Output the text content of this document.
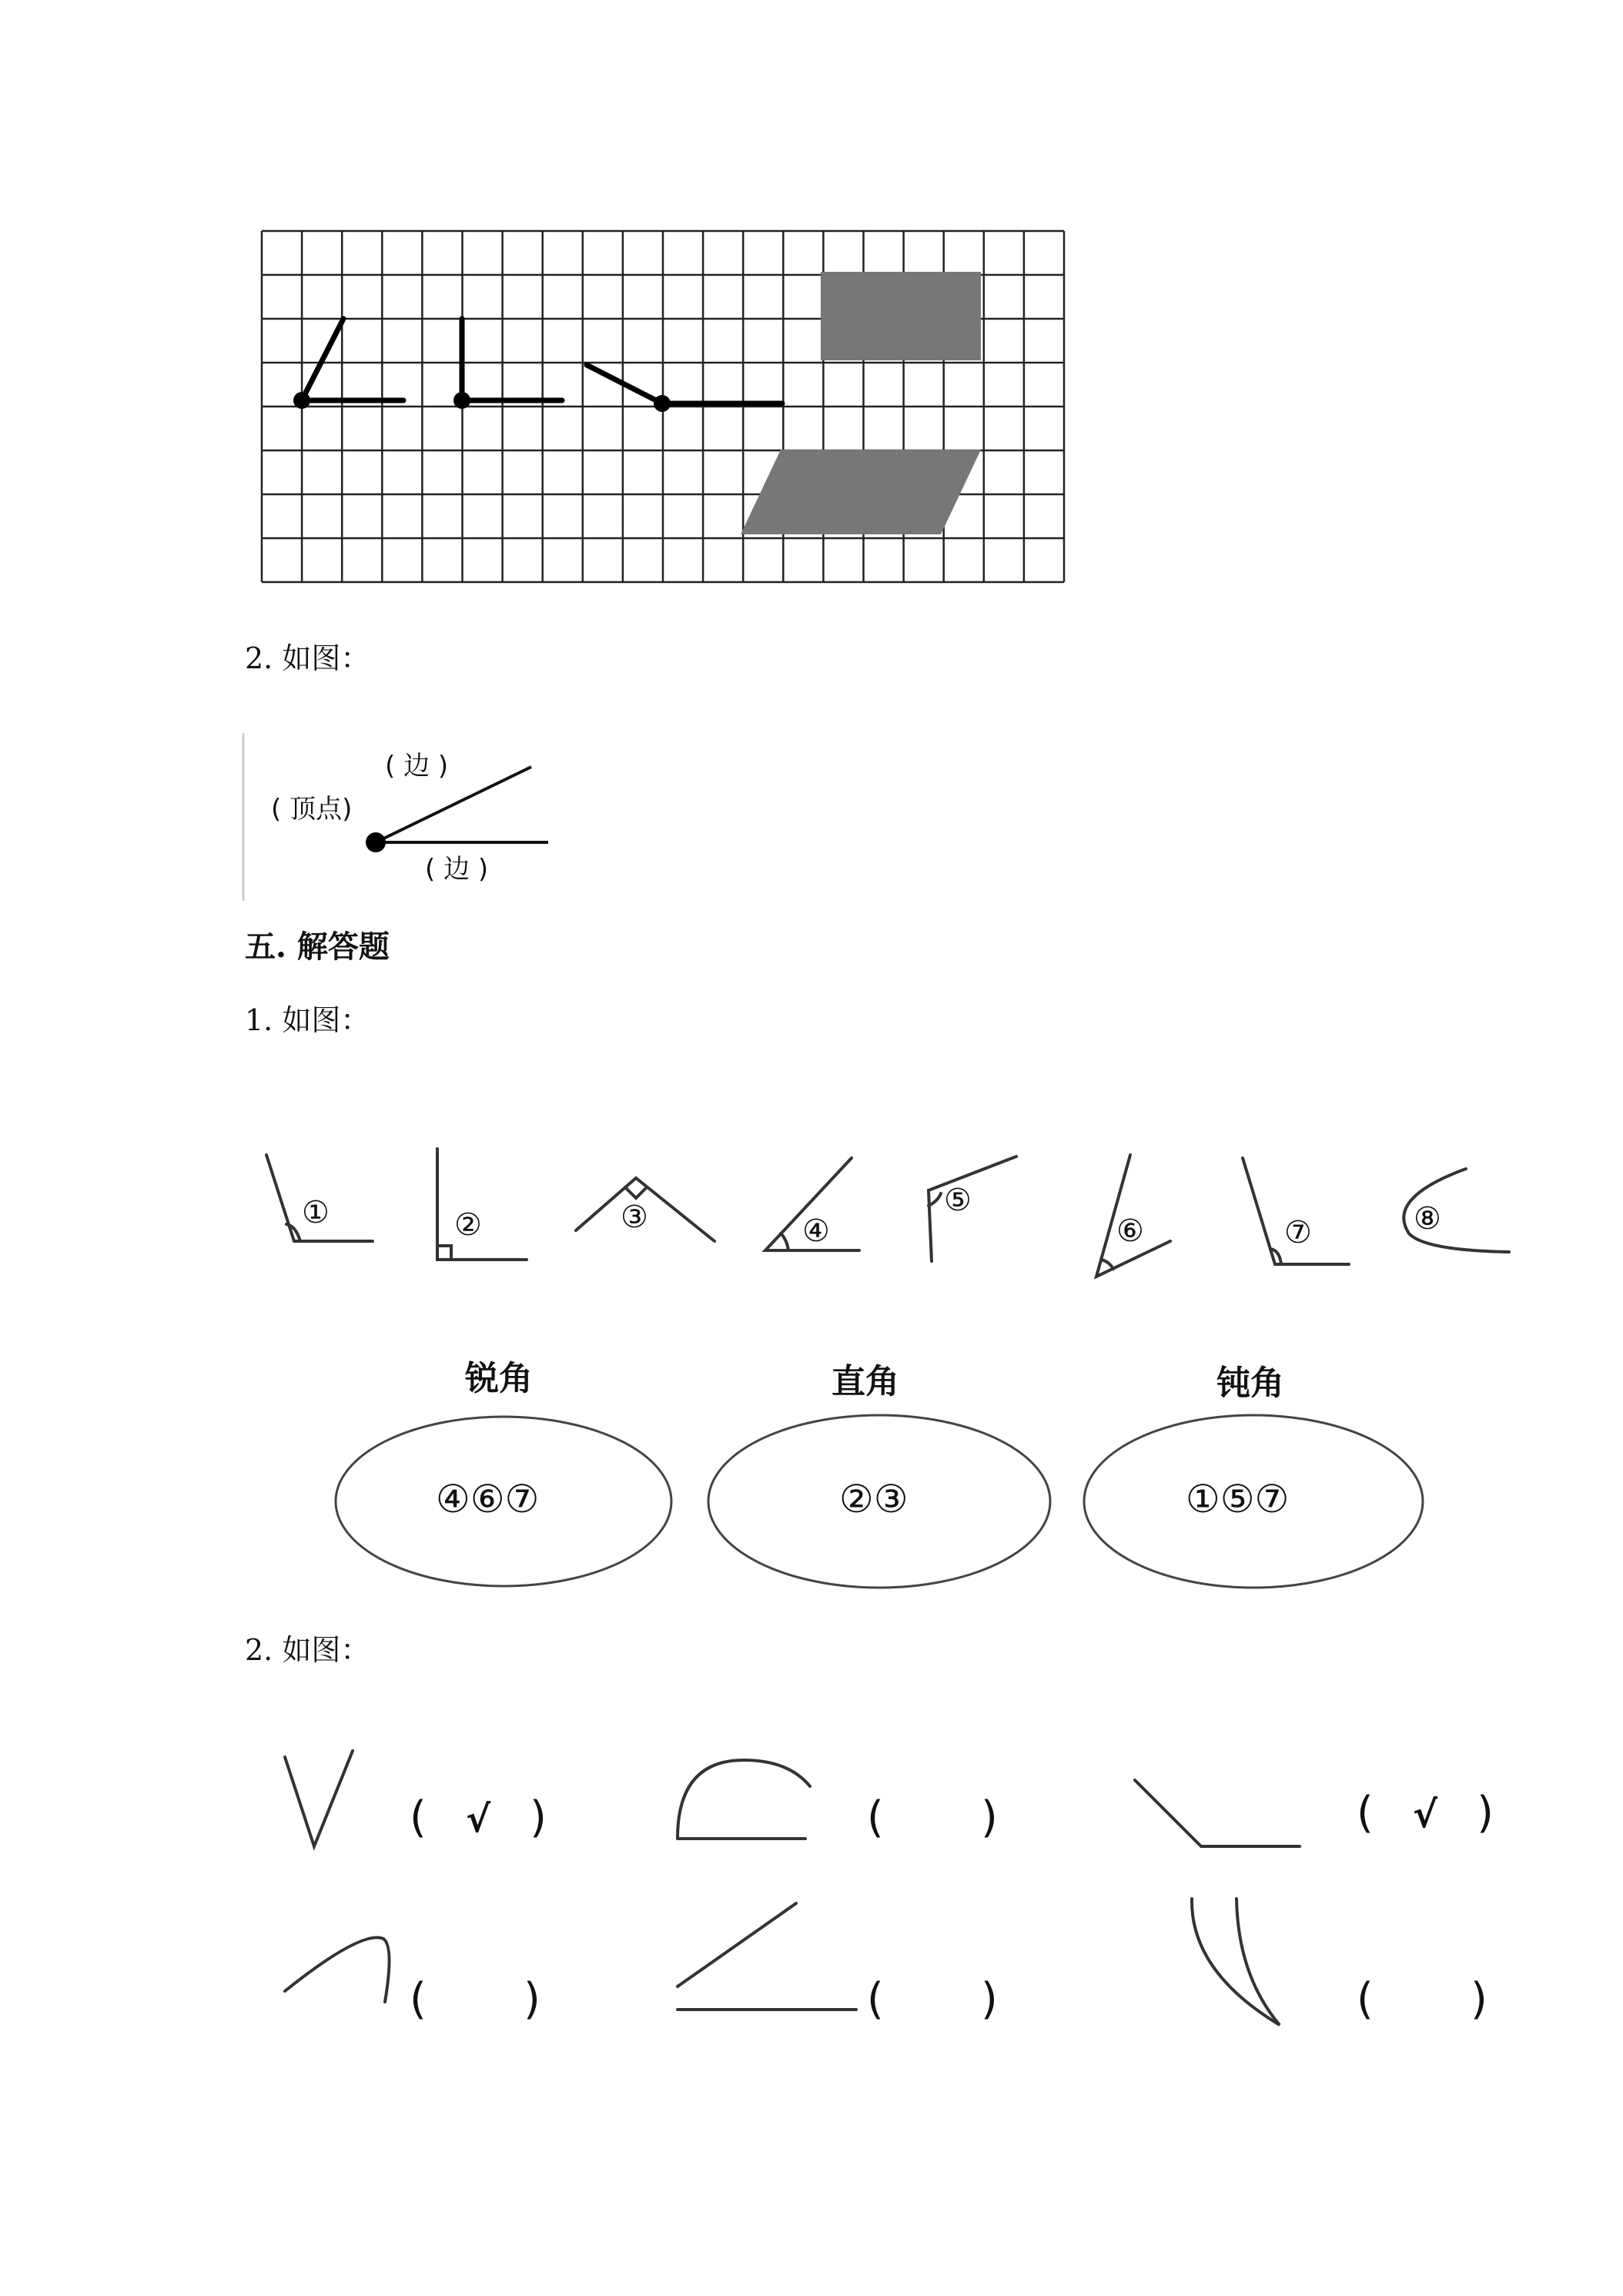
2. 如图：
( 边 )
( 顶点)
( 边 )
五. 解答题
1. 如图：
①	②	③	④
⑤
⑥	⑦	⑧
锐角	直角	钝角
④⑥⑦	②③	①⑤⑦
2. 如图：
( √ )	( )	( √ )
( )	( )	( )
